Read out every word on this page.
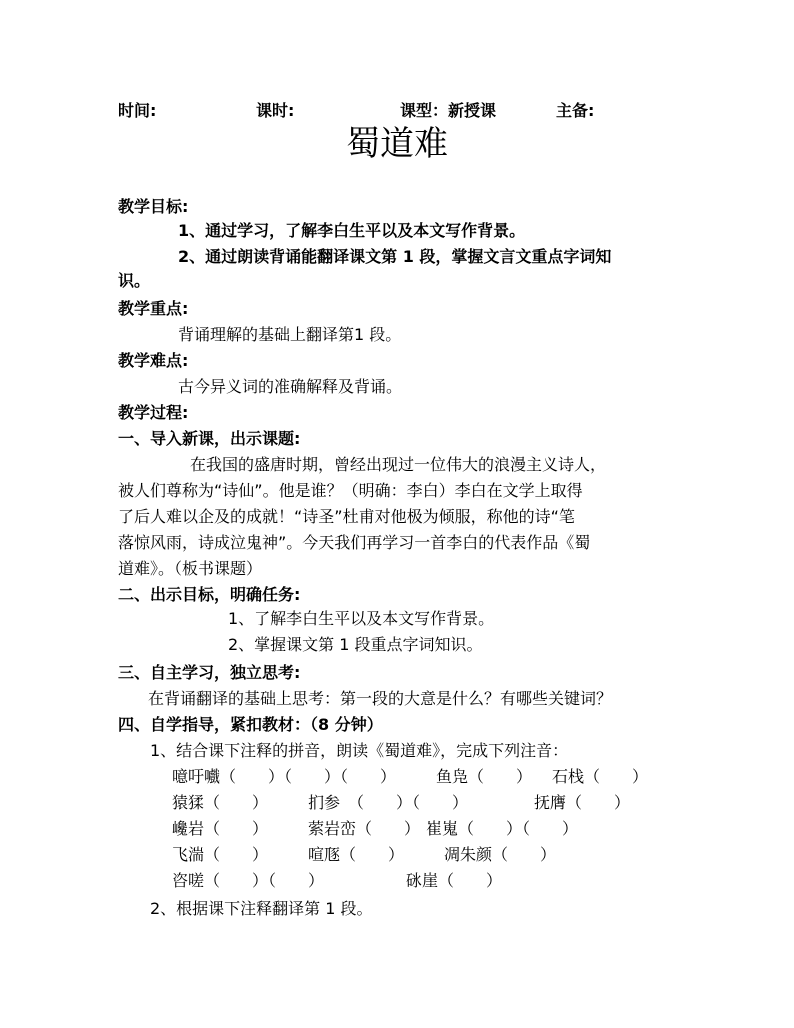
时间:	课时:	课型：新授课	主备:
蜀道难
教学目标:
1、通过学习，了解李白生平以及本文写作背景。
2、通过朗读背诵能翻译课文第 1 段，掌握文言文重点字词知
识。
教学重点:
背诵理解的基础上翻译第1 段。
教学难点:
古今异义词的准确解释及背诵。
教学过程:
一、导入新课，出示课题:
在我国的盛唐时期，曾经出现过一位伟大的浪漫主义诗人，
被人们尊称为“诗仙”。他是谁？（明确：李白）李白在文学上取得
了后人难以企及的成就！“诗圣”杜甫对他极为倾服，称他的诗“笔
落惊风雨，诗成泣鬼神”。今天我们再学习一首李白的代表作品《蜀
道难》。（板书课题）
二、出示目标，明确任务:
1、了解李白生平以及本文写作背景。
2、掌握课文第 1 段重点字词知识。
三、自主学习，独立思考:
在背诵翻译的基础上思考：第一段的大意是什么？有哪些关键词？
四、自学指导，紧扣教材：（8 分钟）
1、结合课下注释的拼音，朗读《蜀道难》，完成下列注音：
噫吁嚱（　　）（　　）（　　） 鱼凫（　　） 石栈（　　）
猿猱（　　） 扪参　（　　）（　　）	抚膺（　　）
巉岩（　　） 萦岩峦（　　） 崔嵬（　　）（　　）
飞湍（　　） 喧豗（　　） 凋朱颜（　　）
咨嗟（　　）（　　）	砯崖（　　）
2、根据课下注释翻译第 1 段。
